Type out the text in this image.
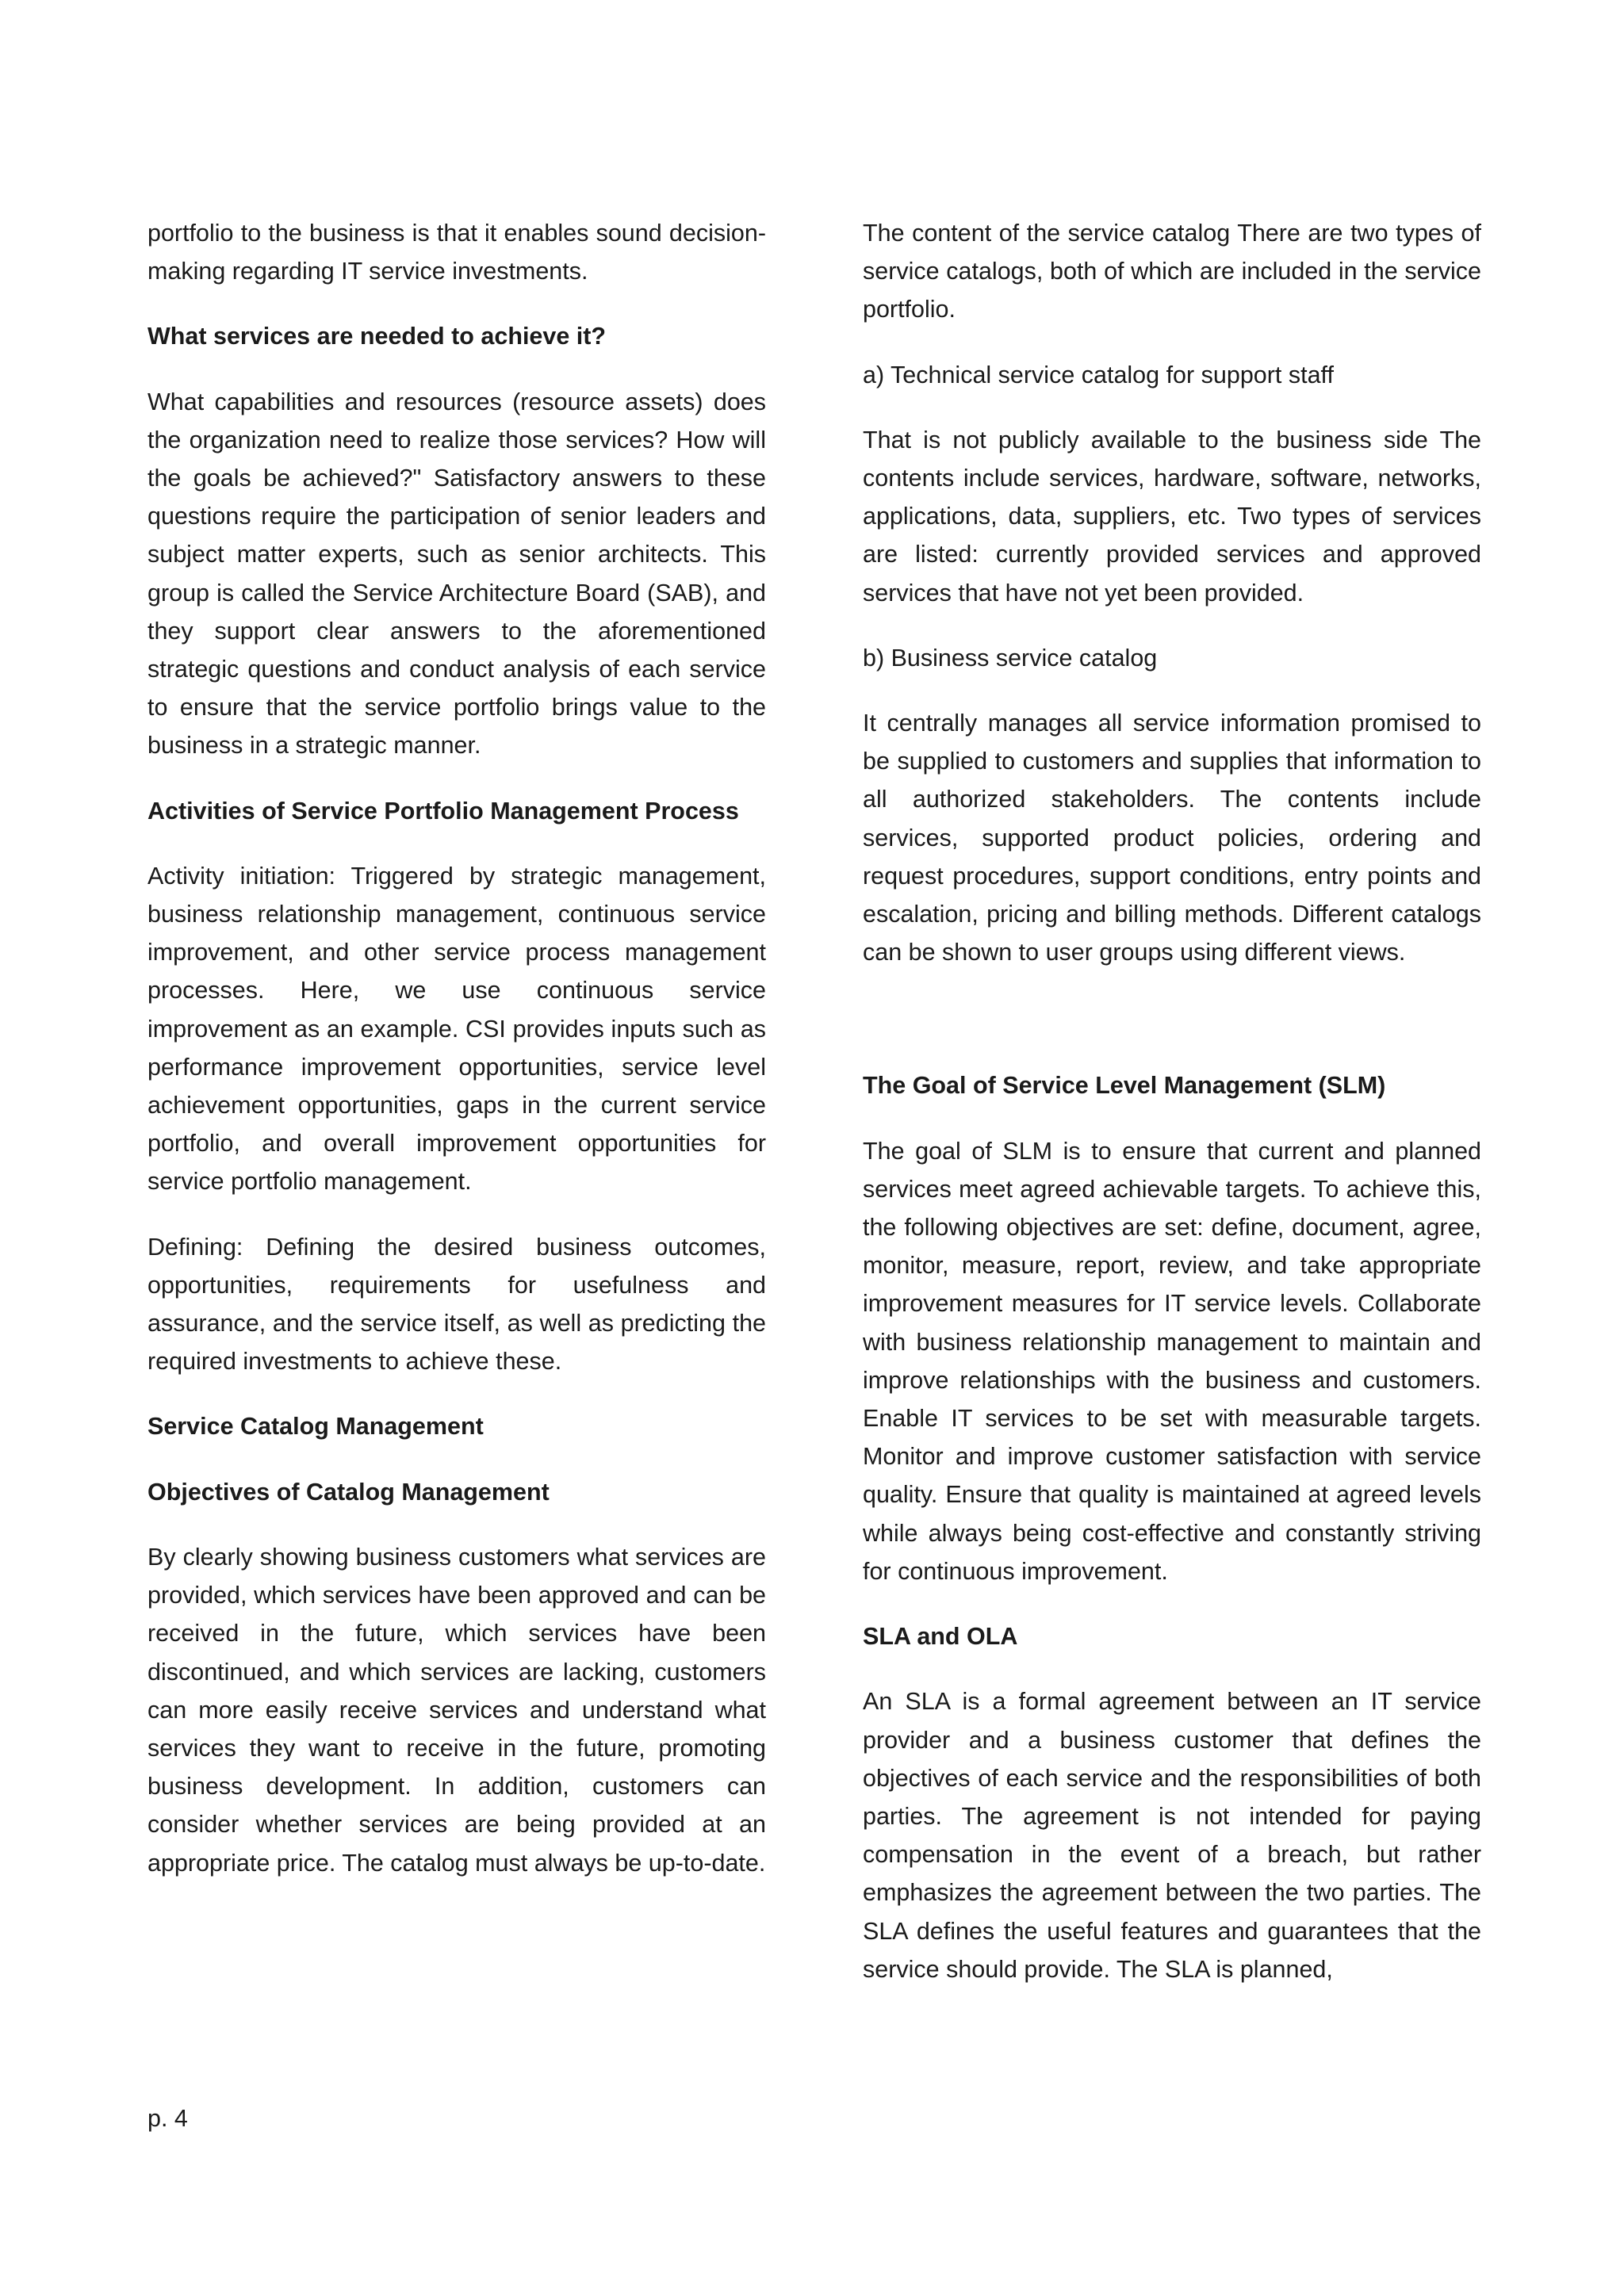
portfolio to the business is that it enables sound decision-making regarding IT service investments.

What services are needed to achieve it?

What capabilities and resources (resource assets) does the organization need to realize those services? How will the goals be achieved?" Satisfactory answers to these questions require the participation of senior leaders and subject matter experts, such as senior architects. This group is called the Service Architecture Board (SAB), and they support clear answers to the aforementioned strategic questions and conduct analysis of each service to ensure that the service portfolio brings value to the business in a strategic manner.

Activities of Service Portfolio Management Process

Activity initiation: Triggered by strategic management, business relationship management, continuous service improvement, and other service process management processes. Here, we use continuous service improvement as an example. CSI provides inputs such as performance improvement opportunities, service level achievement opportunities, gaps in the current service portfolio, and overall improvement opportunities for service portfolio management.

Defining: Defining the desired business outcomes, opportunities, requirements for usefulness and assurance, and the service itself, as well as predicting the required investments to achieve these.

Service Catalog Management

Objectives of Catalog Management

By clearly showing business customers what services are provided, which services have been approved and can be received in the future, which services have been discontinued, and which services are lacking, customers can more easily receive services and understand what services they want to receive in the future, promoting business development. In addition, customers can consider whether services are being provided at an appropriate price. The catalog must always be up-to-date.

The content of the service catalog There are two types of service catalogs, both of which are included in the service portfolio.

a) Technical service catalog for support staff

That is not publicly available to the business side The contents include services, hardware, software, networks, applications, data, suppliers, etc. Two types of services are listed: currently provided services and approved services that have not yet been provided.

b) Business service catalog

It centrally manages all service information promised to be supplied to customers and supplies that information to all authorized stakeholders. The contents include services, supported product policies, ordering and request procedures, support conditions, entry points and escalation, pricing and billing methods. Different catalogs can be shown to user groups using different views.

The Goal of Service Level Management (SLM)

The goal of SLM is to ensure that current and planned services meet agreed achievable targets. To achieve this, the following objectives are set: define, document, agree, monitor, measure, report, review, and take appropriate improvement measures for IT service levels. Collaborate with business relationship management to maintain and improve relationships with the business and customers. Enable IT services to be set with measurable targets. Monitor and improve customer satisfaction with service quality. Ensure that quality is maintained at agreed levels while always being cost-effective and constantly striving for continuous improvement.

SLA and OLA

An SLA is a formal agreement between an IT service provider and a business customer that defines the objectives of each service and the responsibilities of both parties. The agreement is not intended for paying compensation in the event of a breach, but rather emphasizes the agreement between the two parties. The SLA defines the useful features and guarantees that the service should provide. The SLA is planned,

p. 4
